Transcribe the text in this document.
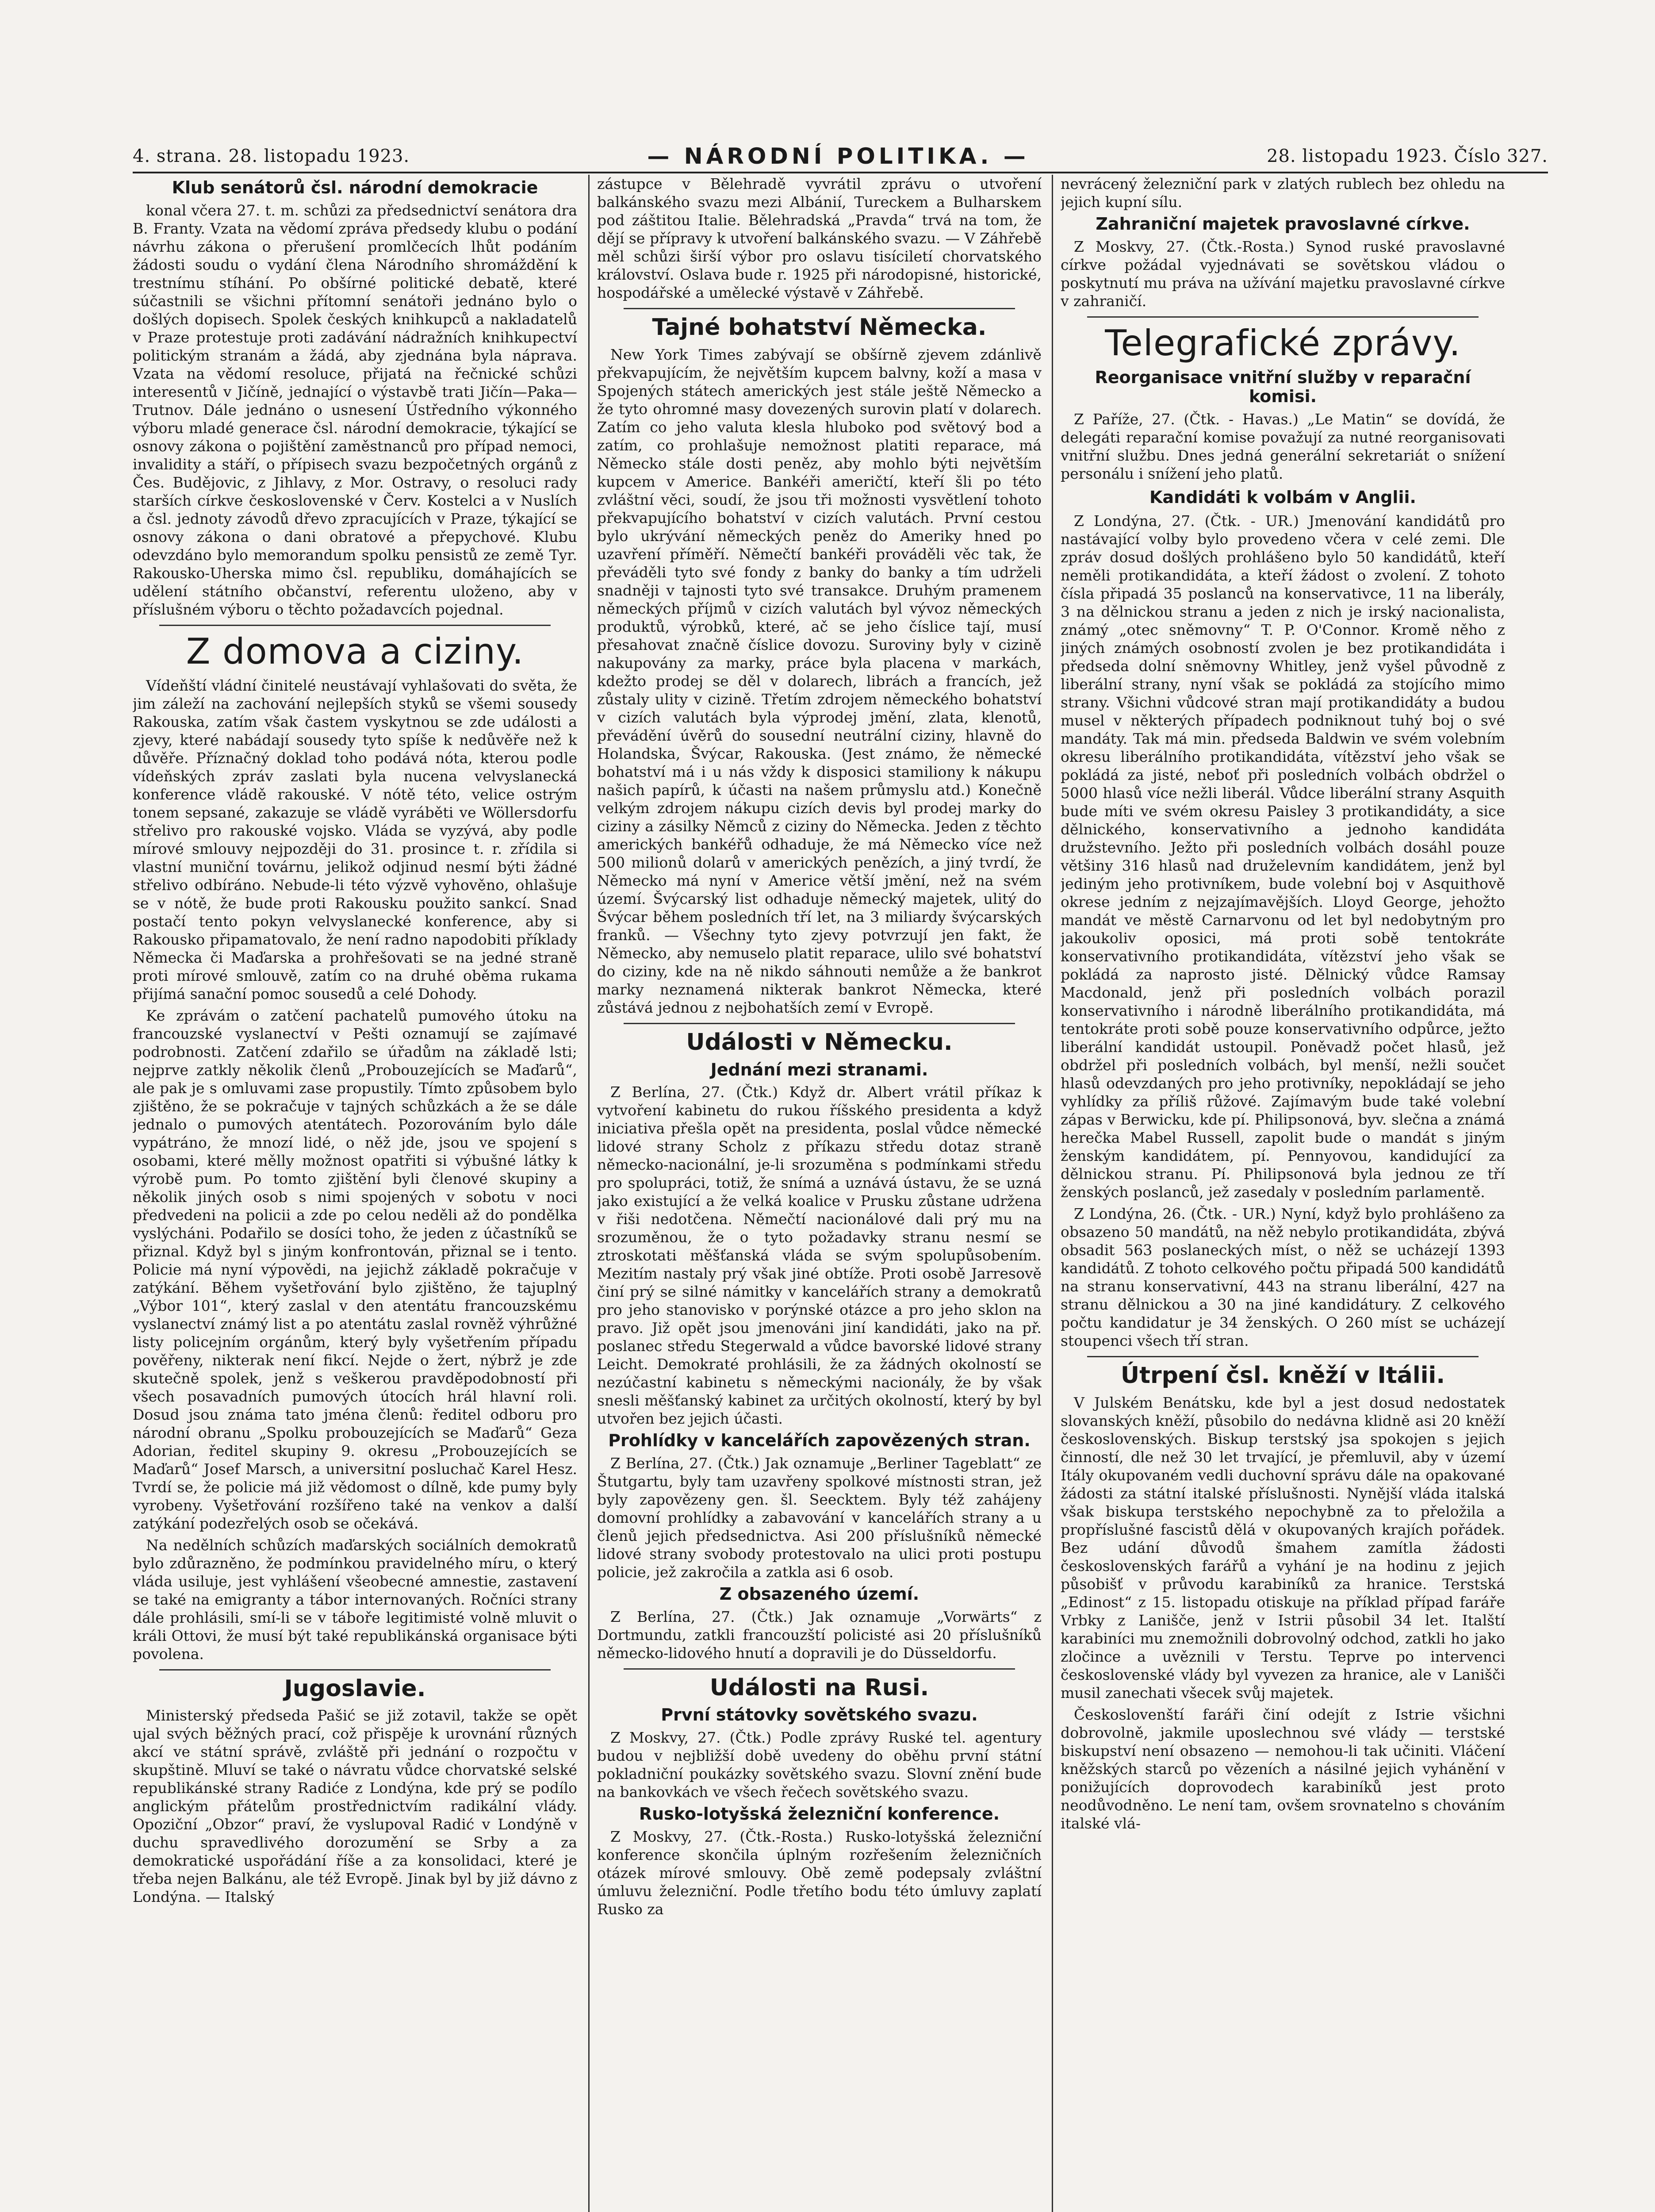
4. strana. 28. listopadu 1923.	— NÁRODNÍ POLITIKA. —	28. listopadu 1923. Číslo 327.
Klub senátorů čsl. národní demokracie

konal včera 27. t. m. schůzi za předsednictví senátora dra B. Franty. Vzata na vědomí zpráva předsedy klubu o podání návrhu zákona o přerušení promlčecích lhůt podáním žádosti soudu o vydání člena Národního shromáždění k trestnímu stíhání. Po obšírné politické debatě, které súčastnili se všichni přítomní senátoři jednáno bylo o došlých dopisech. Spolek českých knihkupců a nakladatelů v Praze protestuje proti zadávání nádražních knihkupectví politickým stranám a žádá, aby zjednána byla náprava. Vzata na vědomí resoluce, přijatá na řečnické schůzi interesentů v Jičíně, jednající o výstavbě trati Jičín—Paka—Trutnov. Dále jednáno o usnesení Ústředního výkonného výboru mladé generace čsl. národní demokracie, týkající se osnovy zákona o pojištění zaměstnanců pro případ nemoci, invalidity a stáří, o přípisech svazu bezpočetných orgánů z Čes. Budějovic, z Jihlavy, z Mor. Ostravy, o resoluci rady starších církve československé v Červ. Kostelci a v Nuslích a čsl. jednoty závodů dřevo zpracujících v Praze, týkající se osnovy zákona o dani obratové a přepychové. Klubu odevzdáno bylo memorandum spolku pensistů ze země Tyr. Rakousko-Uherska mimo čsl. republiku, domáhajících se udělení státního občanství, referentu uloženo, aby v příslušném výboru o těchto požadavcích pojednal.

Z domova a ciziny.

Vídeňští vládní činitelé neustávají vyhlašovati do světa, že jim záleží na zachování nejlepších styků se všemi sousedy Rakouska, zatím však častem vyskytnou se zde události a zjevy, které nabádají sousedy tyto spíše k nedůvěře než k důvěře. Příznačný doklad toho podává nóta, kterou podle vídeňských zpráv zaslati byla nucena velvyslanecká konference vládě rakouské. V nótě této, velice ostrým tonem sepsané, zakazuje se vládě vyráběti ve Wöllersdorfu střelivo pro rakouské vojsko. Vláda se vyzývá, aby podle mírové smlouvy nejpozději do 31. prosince t. r. zřídila si vlastní muniční továrnu, jelikož odjinud nesmí býti žádné střelivo odbíráno. Nebude-li této výzvě vyhověno, ohlašuje se v nótě, že bude proti Rakousku použito sankcí. Snad postačí tento pokyn velvyslanecké konference, aby si Rakousko připamatovalo, že není radno napodobiti příklady Německa či Maďarska a prohřešovati se na jedné straně proti mírové smlouvě, zatím co na druhé oběma rukama přijímá sanační pomoc sousedů a celé Dohody.

Ke zprávám o zatčení pachatelů pumového útoku na francouzské vyslanectví v Pešti oznamují se zajímavé podrobnosti. Zatčení zdařilo se úřadům na základě lsti; nejprve zatkly několik členů „Probouzejících se Maďarů“, ale pak je s omluvami zase propustily. Tímto způsobem bylo zjištěno, že se pokračuje v tajných schůzkách a že se dále jednalo o pumových atentátech. Pozorováním bylo dále vypátráno, že mnozí lidé, o něž jde, jsou ve spojení s osobami, které mělly možnost opatřiti si výbušné látky k výrobě pum. Po tomto zjištění byli členové skupiny a několik jiných osob s nimi spojených v sobotu v noci předvedeni na policii a zde po celou neděli až do pondělka vyslýcháni. Podařilo se dosíci toho, že jeden z účastníků se přiznal. Když byl s jiným konfrontován, přiznal se i tento. Policie má nyní výpovědi, na jejichž základě pokračuje v zatýkání. Během vyšetřování bylo zjištěno, že tajuplný „Výbor 101“, který zaslal v den atentátu francouzskému vyslanectví známý list a po atentátu zaslal rovněž výhrůžné listy policejním orgánům, který byly vyšetřením případu pověřeny, nikterak není fikcí. Nejde o žert, nýbrž je zde skutečně spolek, jenž s veškerou pravděpodobností při všech posavadních pumových útocích hrál hlavní roli. Dosud jsou známa tato jména členů: ředitel odboru pro národní obranu „Spolku probouzejících se Maďarů“ Geza Adorian, ředitel skupiny 9. okresu „Probouzejících se Maďarů“ Josef Marsch, a universitní posluchač Karel Hesz. Tvrdí se, že policie má již vědomost o dílně, kde pumy byly vyrobeny. Vyšetřování rozšířeno také na venkov a další zatýkání podezřelých osob se očekává.

Na nedělních schůzích maďarských sociálních demokratů bylo zdůrazněno, že podmínkou pravidelného míru, o který vláda usiluje, jest vyhlášení všeobecné amnestie, zastavení se také na emigranty a tábor internovaných. Ročníci strany dále prohlásili, smí-li se v táboře legitimisté volně mluvit o králi Ottovi, že musí být také republikánská organisace býti povolena.

Jugoslavie.

Ministerský předseda Pašić se již zotavil, takže se opět ujal svých běžných prací, což přispěje k urovnání různých akcí ve státní správě, zvláště při jednání o rozpočtu v skupštině. Mluví se také o návratu vůdce chorvatské selské republikánské strany Radiće z Londýna, kde prý se podílo anglickým přátelům prostřednictvím radikální vlády. Opoziční „Obzor“ praví, že vyslupoval Radić v Londýně v duchu spravedlivého dorozumění se Srby a za demokratické uspořádání říše a za konsolidaci, které je třeba nejen Balkánu, ale též Evropě. Jinak byl by již dávno z Londýna. — Italský

zástupce v Bělehradě vyvrátil zprávu o utvoření balkánského svazu mezi Albánií, Tureckem a Bulharskem pod záštitou Italie. Bělehradská „Pravda“ trvá na tom, že dějí se přípravy k utvoření balkánského svazu. — V Záhřebě měl schůzi širší výbor pro oslavu tisíciletí chorvatského království. Oslava bude r. 1925 při národopisné, historické, hospodářské a umělecké výstavě v Záhřebě.

Tajné bohatství Německa.

New York Times zabývají se obšírně zjevem zdánlivě překvapujícím, že největším kupcem balvny, koží a masa v Spojených státech amerických jest stále ještě Německo a že tyto ohromné masy dovezených surovin platí v dolarech. Zatím co jeho valuta klesla hluboko pod světový bod a zatím, co prohlašuje nemožnost platiti reparace, má Německo stále dosti peněz, aby mohlo býti největším kupcem v Americe. Bankéři američtí, kteří šli po této zvláštní věci, soudí, že jsou tři možnosti vysvětlení tohoto překvapujícího bohatství v cizích valutách. První cestou bylo ukrývání německých peněz do Ameriky hned po uzavření příměří. Němečtí bankéři prováděli věc tak, že převáděli tyto své fondy z banky do banky a tím udrželi snadněji v tajnosti tyto své transakce. Druhým pramenem německých příjmů v cizích valutách byl vývoz německých produktů, výrobků, které, ač se jeho číslice tají, musí přesahovat značně číslice dovozu. Suroviny byly v cizině nakupovány za marky, práce byla placena v markách, kdežto prodej se děl v dolarech, librách a francích, jež zůstaly ulity v cizině. Třetím zdrojem německého bohatství v cizích valutách byla výprodej jmění, zlata, klenotů, převádění úvěrů do sousední neutrální ciziny, hlavně do Holandska, Švýcar, Rakouska. (Jest známo, že německé bohatství má i u nás vždy k disposici stamiliony k nákupu našich papírů, k účasti na našem průmyslu atd.) Konečně velkým zdrojem nákupu cizích devis byl prodej marky do ciziny a zásilky Němců z ciziny do Německa. Jeden z těchto amerických bankéřů odhaduje, že má Německo více než 500 milionů dolarů v amerických penězích, a jiný tvrdí, že Německo má nyní v Americe větší jmění, než na svém území. Švýcarský list odhaduje německý majetek, ulitý do Švýcar během posledních tří let, na 3 miliardy švýcarských franků. — Všechny tyto zjevy potvrzují jen fakt, že Německo, aby nemuselo platit reparace, ulilo své bohatství do ciziny, kde na ně nikdo sáhnouti nemůže a že bankrot marky neznamená nikterak bankrot Německa, které zůstává jednou z nejbohatších zemí v Evropě.

Události v Německu.
Jednání mezi stranami.

Z Berlína, 27. (Čtk.) Když dr. Albert vrátil příkaz k vytvoření kabinetu do rukou říšského presidenta a když iniciativa přešla opět na presidenta, poslal vůdce německé lidové strany Scholz z příkazu středu dotaz straně německo-nacionální, je-li srozuměna s podmínkami středu pro spolupráci, totiž, že snímá a uznává ústavu, že se uzná jako existující a že velká koalice v Prusku zůstane udržena v řiši nedotčena. Němečtí nacionálové dali prý mu na srozuměnou, že o tyto požadavky stranu nesmí se ztroskotati měšťanská vláda se svým spolupůsobením. Mezitím nastaly prý však jiné obtíže. Proti osobě Jarresově činí prý se silné námitky v kancelářích strany a demokratů pro jeho stanovisko v porýnské otázce a pro jeho sklon na pravo. Již opět jsou jmenováni jiní kandidáti, jako na př. poslanec středu Stegerwald a vůdce bavorské lidové strany Leicht. Demokraté prohlásili, že za žádných okolností se nezúčastní kabinetu s německými nacionály, že by však snesli měšťanský kabinet za určitých okolností, který by byl utvořen bez jejich účasti.

Prohlídky v kancelářích zapovězených stran.

Z Berlína, 27. (Čtk.) Jak oznamuje „Berliner Tageblatt“ ze Štutgartu, byly tam uzavřeny spolkové místnosti stran, jež byly zapovězeny gen. šl. Seecktem. Byly též zahájeny domovní prohlídky a zabavování v kancelářích strany a u členů jejich předsednictva. Asi 200 příslušníků německé lidové strany svobody protestovalo na ulici proti postupu policie, jež zakročila a zatkla asi 6 osob.

Z obsazeného území.

Z Berlína, 27. (Čtk.) Jak oznamuje „Vorwärts“ z Dortmundu, zatkli francouzští policisté asi 20 příslušníků německo-lidového hnutí a dopravili je do Düsseldorfu.

Události na Rusi.
První státovky sovětského svazu.

Z Moskvy, 27. (Čtk.) Podle zprávy Ruské tel. agentury budou v nejbližší době uvedeny do oběhu první státní pokladniční poukázky sovětského svazu. Slovní znění bude na bankovkách ve všech řečech sovětského svazu.

Rusko-lotyšská železniční konference.

Z Moskvy, 27. (Čtk.-Rosta.) Rusko-lotyšská železniční konference skončila úplným rozřešením železničních otázek mírové smlouvy. Obě země podepsaly zvláštní úmluvu železniční. Podle třetího bodu této úmluvy zaplatí Rusko za

nevrácený železniční park v zlatých rublech bez ohledu na jejich kupní sílu.

Zahraniční majetek pravoslavné církve.

Z Moskvy, 27. (Čtk.-Rosta.) Synod ruské pravoslavné církve požádal vyjednávati se sovětskou vládou o poskytnutí mu práva na užívání majetku pravoslavné církve v zahraničí.

Telegrafické zprávy.
Reorganisace vnitřní služby v reparační komisi.

Z Paříže, 27. (Čtk. - Havas.) „Le Matin“ se dovídá, že delegáti reparační komise považují za nutné reorganisovati vnitřní službu. Dnes jedná generální sekretariát o snížení personálu i snížení jeho platů.

Kandidáti k volbám v Anglii.

Z Londýna, 27. (Čtk. - UR.) Jmenování kandidátů pro nastávající volby bylo provedeno včera v celé zemi. Dle zpráv dosud došlých prohlášeno bylo 50 kandidátů, kteří neměli protikandidáta, a kteří žádost o zvolení. Z tohoto čísla připadá 35 poslanců na konservativce, 11 na liberály, 3 na dělnickou stranu a jeden z nich je irský nacionalista, známý „otec sněmovny“ T. P. O'Connor. Kromě něho z jiných známých osobností zvolen je bez protikandidáta i předseda dolní sněmovny Whitley, jenž vyšel původně z liberální strany, nyní však se pokládá za stojícího mimo strany. Všichni vůdcové stran mají protikandidáty a budou musel v některých případech podniknout tuhý boj o své mandáty. Tak má min. předseda Baldwin ve svém volebním okresu liberálního protikandidáta, vítězství jeho však se pokládá za jisté, neboť při posledních volbách obdržel o 5000 hlasů více nežli liberál. Vůdce liberální strany Asquith bude míti ve svém okresu Paisley 3 protikandidáty, a sice dělnického, konservativního a jednoho kandidáta družstevního. Ježto při posledních volbách dosáhl pouze většiny 316 hlasů nad druželevním kandidátem, jenž byl jediným jeho protivníkem, bude volební boj v Asquithově okrese jedním z nejzajímavějších. Lloyd George, jehožto mandát ve městě Carnarvonu od let byl nedobytným pro jakoukoliv oposici, má proti sobě tentokráte konservativního protikandidáta, vítězství jeho však se pokládá za naprosto jisté. Dělnický vůdce Ramsay Macdonald, jenž při posledních volbách porazil konservativního i národně liberálního protikandidáta, má tentokráte proti sobě pouze konservativního odpůrce, ježto liberální kandidát ustoupil. Poněvadž počet hlasů, jež obdržel při posledních volbách, byl menší, nežli součet hlasů odevzdaných pro jeho protivníky, nepokládají se jeho vyhlídky za příliš růžové. Zajímavým bude také volební zápas v Berwicku, kde pí. Philipsonová, byv. slečna a známá herečka Mabel Russell, zapolit bude o mandát s jiným ženským kandidátem, pí. Pennyovou, kandidující za dělnickou stranu. Pí. Philipsonová byla jednou ze tří ženských poslanců, jež zasedaly v posledním parlamentě.

Z Londýna, 26. (Čtk. - UR.) Nyní, když bylo prohlášeno za obsazeno 50 mandátů, na něž nebylo protikandidáta, zbývá obsadit 563 poslaneckých míst, o něž se ucházejí 1393 kandidátů. Z tohoto celkového počtu připadá 500 kandidátů na stranu konservativní, 443 na stranu liberální, 427 na stranu dělnickou a 30 na jiné kandidátury. Z celkového počtu kandidatur je 34 ženských. O 260 míst se ucházejí stoupenci všech tří stran.

Útrpení čsl. kněží v Itálii.

V Julském Benátsku, kde byl a jest dosud nedostatek slovanských kněží, působilo do nedávna klidně asi 20 kněží československých. Biskup terstský jsa spokojen s jejich činností, dle než 30 let trvající, je přemluvil, aby v území Itály okupovaném vedli duchovní správu dále na opakované žádosti za státní italské příslušnosti. Nynější vláda italská však biskupa terstského nepochybně za to přeložila a propříslušné fascistů dělá v okupovaných krajích pořádek. Bez udání důvodů šmahem zamítla žádosti československých farářů a vyhání je na hodinu z jejich působišť v průvodu karabiníků za hranice. Terstská „Edinost“ z 15. listopadu otiskuje na příklad případ faráře Vrbky z Lanišče, jenž v Istrii působil 34 let. Italští karabiníci mu znemožnili dobrovolný odchod, zatkli ho jako zločince a uvěznili v Terstu. Teprve po intervenci československé vlády byl vyvezen za hranice, ale v Lanišči musil zanechati všecek svůj majetek.

Českoslovenští faráři činí odejít z Istrie všichni dobrovolně, jakmile uposlechnou své vlády — terstské biskupství není obsazeno — nemohou-li tak učiniti. Vláčení kněžských starců po vězeních a násilné jejich vyhánění v ponižujících doprovodech karabiníků jest proto neodůvodněno. Le není tam, ovšem srovnatelno s chováním italské vlá-
